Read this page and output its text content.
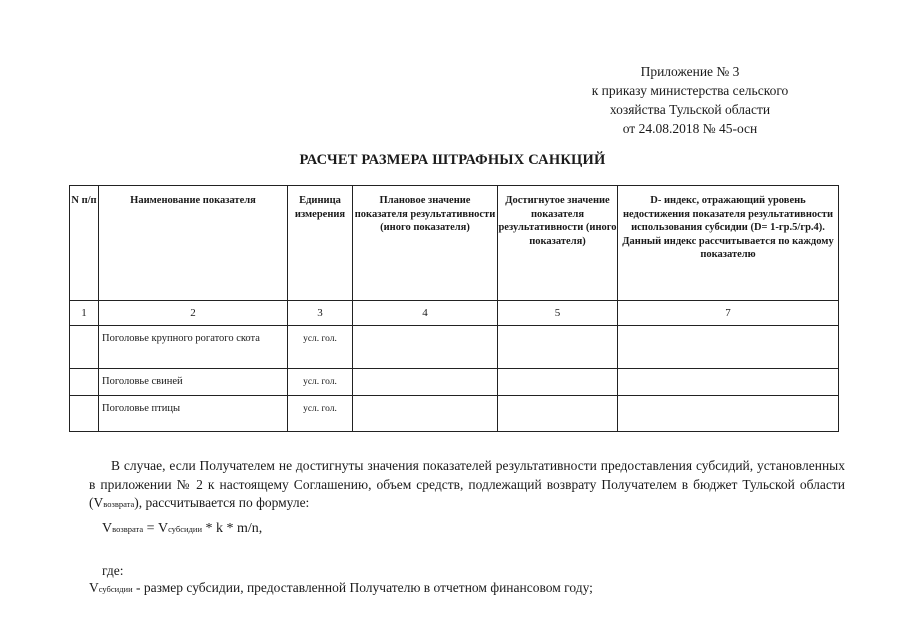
Приложение № 3
к приказу министерства сельского
хозяйства Тульской области
от 24.08.2018 № 45-осн
РАСЧЕТ РАЗМЕРА ШТРАФНЫХ САНКЦИЙ
N п/п	Наименование показателя	Единица измерения	Плановое значение показателя результативности (иного показателя)	Достигнутое значение показателя результативности (иного показателя)	D- индекс, отражающий уровень недостижения показателя результативности использования субсидии (D= 1-гр.5/гр.4). Данный индекс рассчитывается по каждому показателю
1	2	3	4	5	7
	Поголовье крупного рогатого скота	усл. гол.			
	Поголовье свиней	усл. гол.			
	Поголовье птицы	усл. гол.			
В случае, если Получателем не достигнуты значения показателей результативности предоставления субсидий, установленных в приложении № 2 к настоящему Соглашению, объем средств, подлежащий возврату Получателем в бюджет Тульской области (Vвозврата), рассчитывается по формуле:
Vвозврата = Vсубсидии * k * m/n,
где:
Vсубсидии - размер субсидии, предоставленной Получателю в отчетном финансовом году;
